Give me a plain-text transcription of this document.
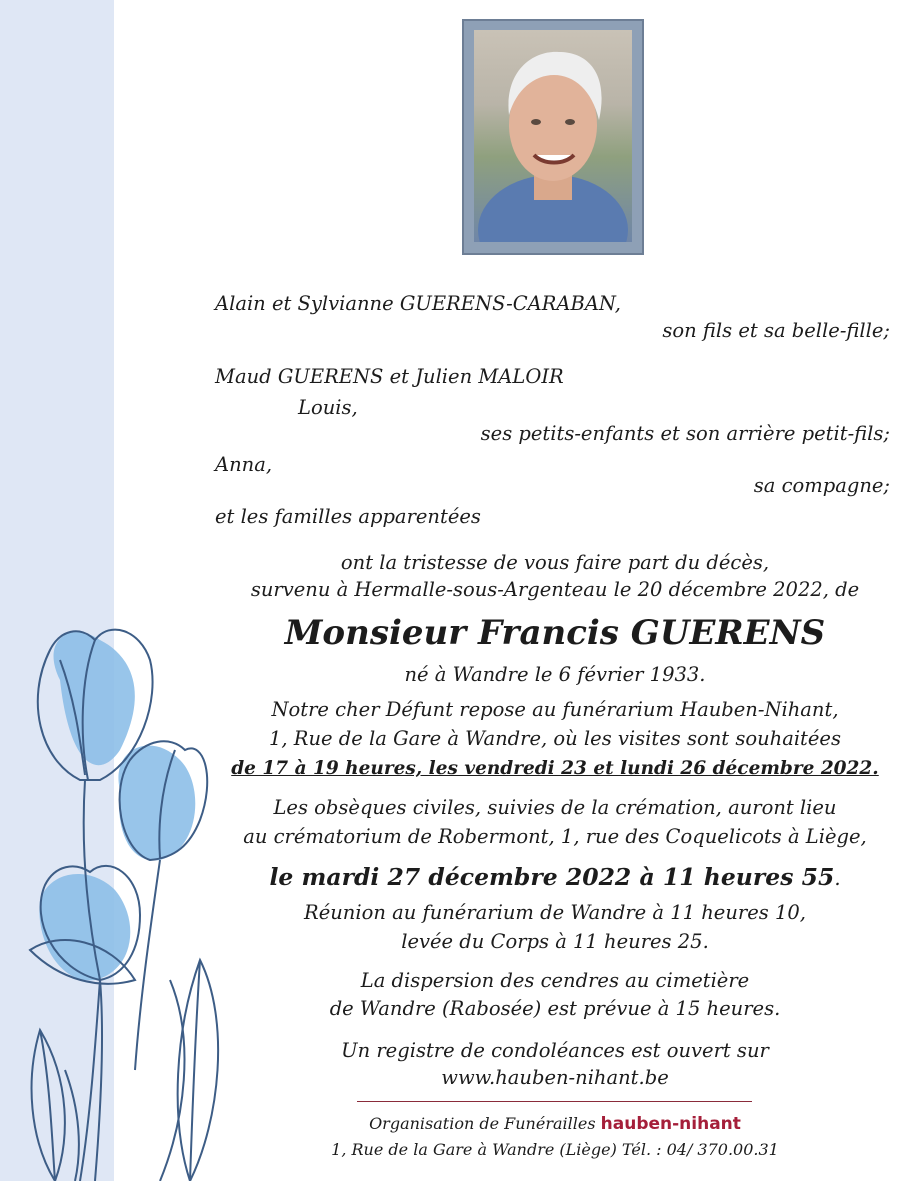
Alain et Sylvianne GUERENS-CARABAN,
son fils et sa belle-fille;
Maud GUERENS et Julien MALOIR
Louis,
ses petits-enfants et son arrière petit-fils;
Anna,
sa compagne;
et les familles apparentées
ont la tristesse de vous faire part du décès,
survenu à Hermalle-sous-Argenteau le 20 décembre 2022, de
Monsieur Francis GUERENS
né à Wandre le 6 février 1933.
Notre cher Défunt repose au funérarium Hauben-Nihant,
1, Rue de la Gare à Wandre, où les visites sont souhaitées
de 17 à 19 heures, les vendredi 23 et lundi 26 décembre 2022.
Les obsèques civiles, suivies de la crémation, auront lieu
au crématorium de Robermont, 1, rue des Coquelicots à Liège,
le mardi 27 décembre 2022 à 11 heures 55.
Réunion au funérarium de Wandre à 11 heures 10,
levée du Corps à 11 heures 25.
La dispersion des cendres au cimetière
de Wandre (Rabosée) est prévue à 15 heures.
Un registre de condoléances est ouvert sur
www.hauben-nihant.be
Organisation de Funérailles hauben-nihant
1, Rue de la Gare à Wandre (Liège) Tél. : 04/ 370.00.31
